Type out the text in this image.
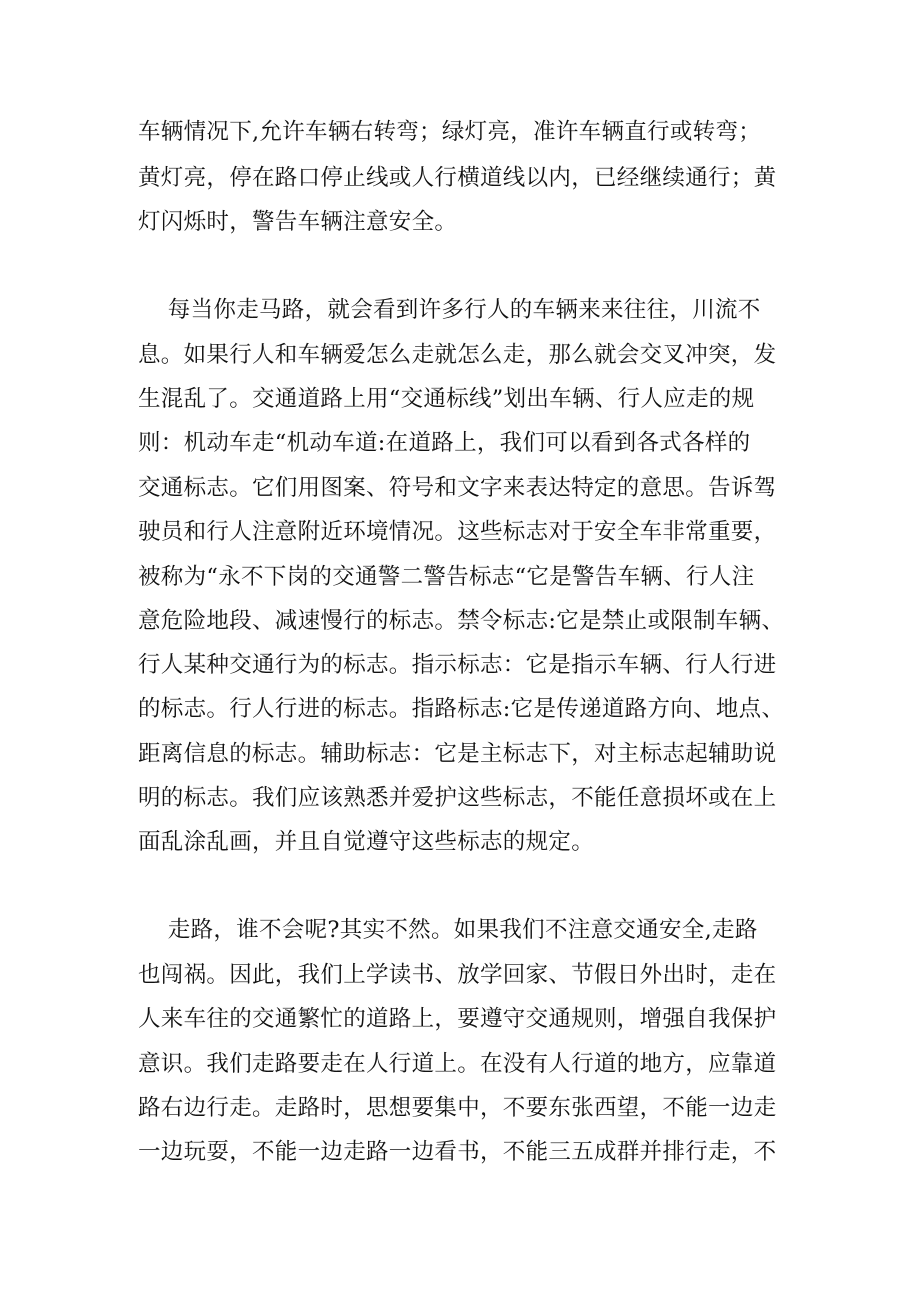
车辆情况下,允许车辆右转弯；绿灯亮，准许车辆直行或转弯；
黄灯亮，停在路口停止线或人行横道线以内，已经继续通行；黄
灯闪烁时，警告车辆注意安全。
每当你走马路，就会看到许多行人的车辆来来往往，川流不
息。如果行人和车辆爱怎么走就怎么走，那么就会交叉冲突，发
生混乱了。交通道路上用“交通标线”划出车辆、行人应走的规
则：机动车走“机动车道:在道路上，我们可以看到各式各样的
交通标志。它们用图案、符号和文字来表达特定的意思。告诉驾
驶员和行人注意附近环境情况。这些标志对于安全车非常重要，
被称为“永不下岗的交通警二警告标志“它是警告车辆、行人注
意危险地段、减速慢行的标志。禁令标志:它是禁止或限制车辆、
行人某种交通行为的标志。指示标志：它是指示车辆、行人行进
的标志。行人行进的标志。指路标志:它是传递道路方向、地点、
距离信息的标志。辅助标志：它是主标志下，对主标志起辅助说
明的标志。我们应该熟悉并爱护这些标志，不能任意损坏或在上
面乱涂乱画，并且自觉遵守这些标志的规定。
走路，谁不会呢?其实不然。如果我们不注意交通安全,走路
也闯祸。因此，我们上学读书、放学回家、节假日外出时，走在
人来车往的交通繁忙的道路上，要遵守交通规则，增强自我保护
意识。我们走路要走在人行道上。在没有人行道的地方，应靠道
路右边行走。走路时，思想要集中，不要东张西望，不能一边走
一边玩耍，不能一边走路一边看书，不能三五成群并排行走，不
